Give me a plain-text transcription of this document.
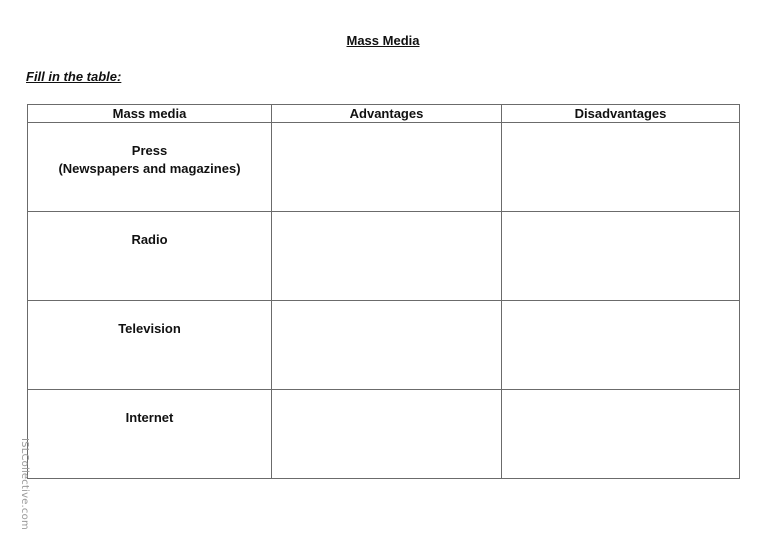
Mass Media
Fill in the table:
Mass media	Advantages	Disadvantages

Press
(Newspapers and magazines)		

Radio		

Television		

Internet		

ISLCollective.com
